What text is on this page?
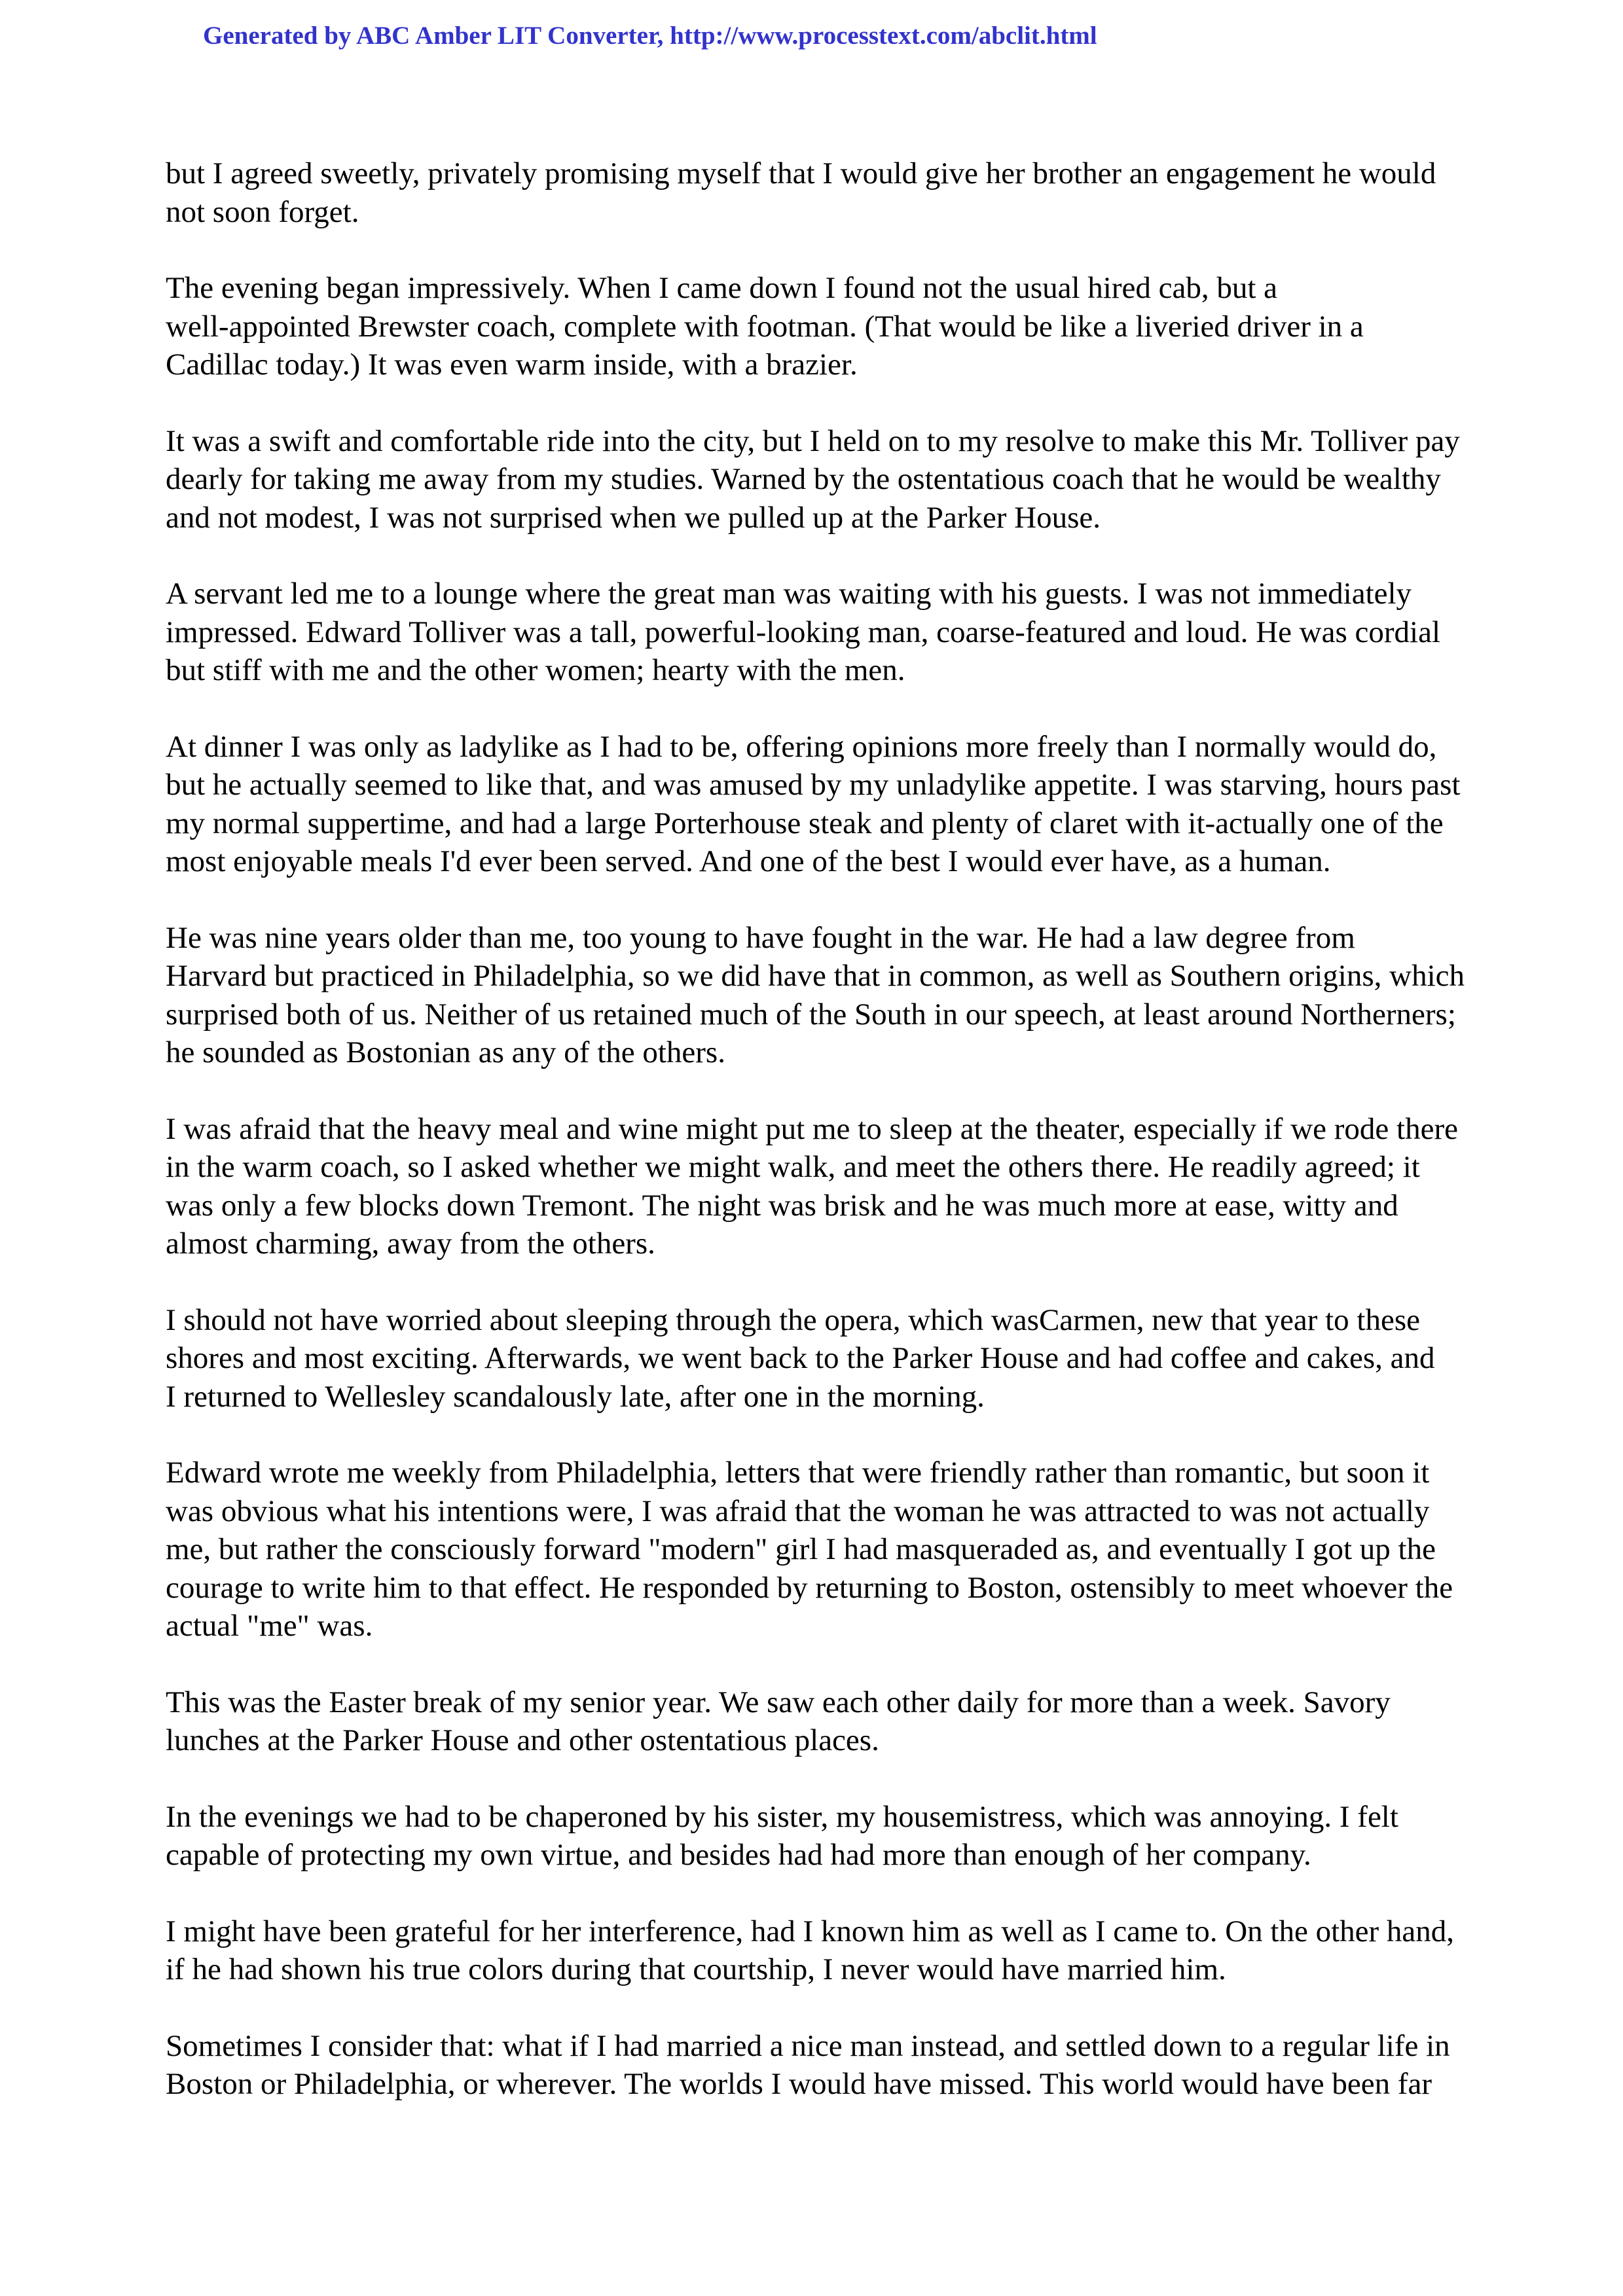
Generated by ABC Amber LIT Converter, http://www.processtext.com/abclit.html

but I agreed sweetly, privately promising myself that I would give her brother an engagement he would
not soon forget.

The evening began impressively. When I came down I found not the usual hired cab, but a
well-appointed Brewster coach, complete with footman. (That would be like a liveried driver in a
Cadillac today.) It was even warm inside, with a brazier.

It was a swift and comfortable ride into the city, but I held on to my resolve to make this Mr. Tolliver pay
dearly for taking me away from my studies. Warned by the ostentatious coach that he would be wealthy
and not modest, I was not surprised when we pulled up at the Parker House.

A servant led me to a lounge where the great man was waiting with his guests. I was not immediately
impressed. Edward Tolliver was a tall, powerful-looking man, coarse-featured and loud. He was cordial
but stiff with me and the other women; hearty with the men.

At dinner I was only as ladylike as I had to be, offering opinions more freely than I normally would do,
but he actually seemed to like that, and was amused by my unladylike appetite. I was starving, hours past
my normal suppertime, and had a large Porterhouse steak and plenty of claret with it-actually one of the
most enjoyable meals I'd ever been served. And one of the best I would ever have, as a human.

He was nine years older than me, too young to have fought in the war. He had a law degree from
Harvard but practiced in Philadelphia, so we did have that in common, as well as Southern origins, which
surprised both of us. Neither of us retained much of the South in our speech, at least around Northerners;
he sounded as Bostonian as any of the others.

I was afraid that the heavy meal and wine might put me to sleep at the theater, especially if we rode there
in the warm coach, so I asked whether we might walk, and meet the others there. He readily agreed; it
was only a few blocks down Tremont. The night was brisk and he was much more at ease, witty and
almost charming, away from the others.

I should not have worried about sleeping through the opera, which wasCarmen, new that year to these
shores and most exciting. Afterwards, we went back to the Parker House and had coffee and cakes, and
I returned to Wellesley scandalously late, after one in the morning.

Edward wrote me weekly from Philadelphia, letters that were friendly rather than romantic, but soon it
was obvious what his intentions were, I was afraid that the woman he was attracted to was not actually
me, but rather the consciously forward "modern" girl I had masqueraded as, and eventually I got up the
courage to write him to that effect. He responded by returning to Boston, ostensibly to meet whoever the
actual "me" was.

This was the Easter break of my senior year. We saw each other daily for more than a week. Savory
lunches at the Parker House and other ostentatious places.

In the evenings we had to be chaperoned by his sister, my housemistress, which was annoying. I felt
capable of protecting my own virtue, and besides had had more than enough of her company.

I might have been grateful for her interference, had I known him as well as I came to. On the other hand,
if he had shown his true colors during that courtship, I never would have married him.

Sometimes I consider that: what if I had married a nice man instead, and settled down to a regular life in
Boston or Philadelphia, or wherever. The worlds I would have missed. This world would have been far
